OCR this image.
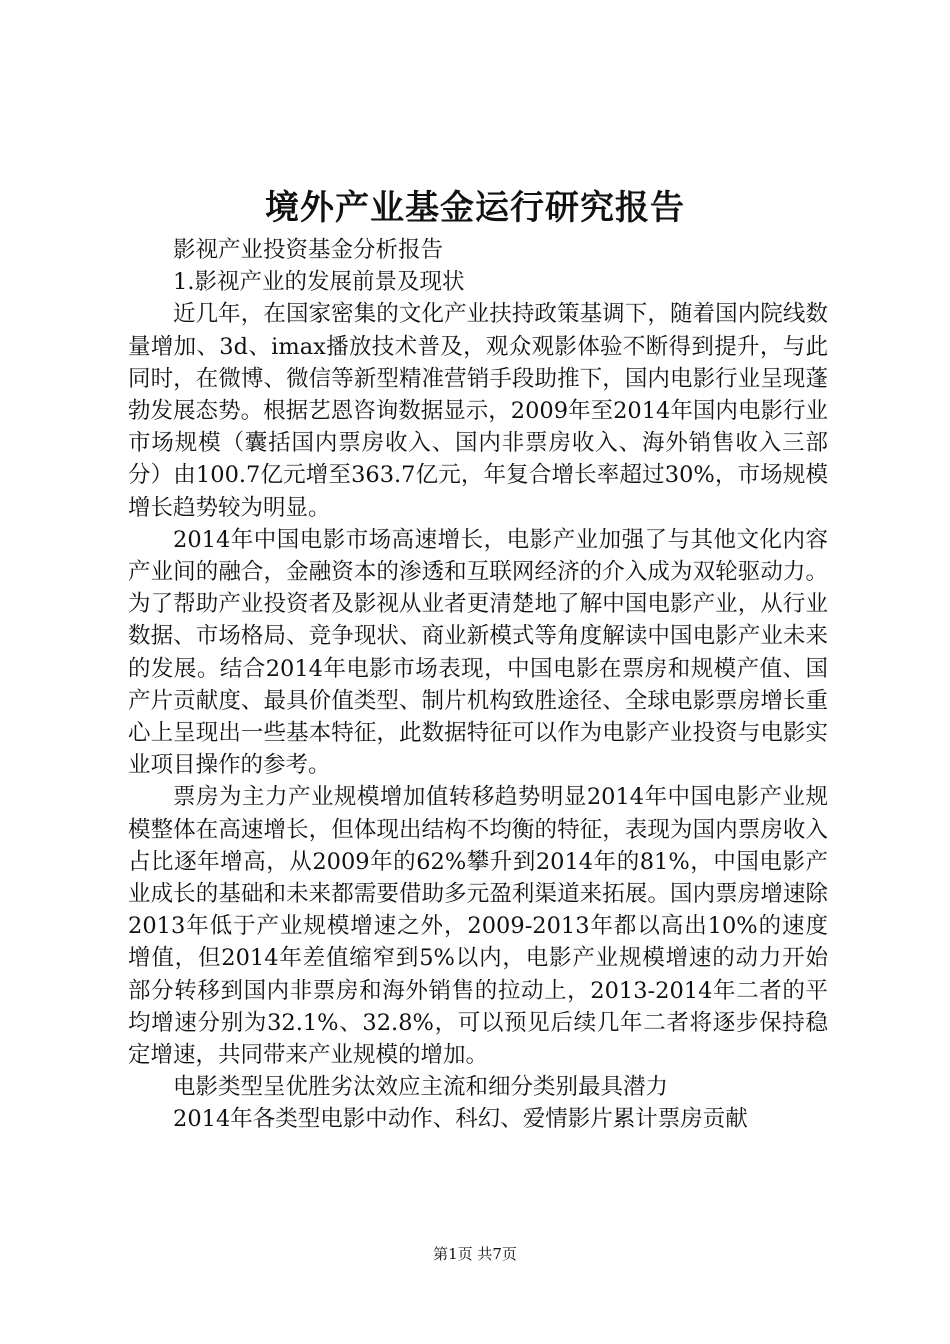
境外产业基金运行研究报告

影视产业投资基金分析报告

1.影视产业的发展前景及现状

近几年，在国家密集的文化产业扶持政策基调下，随着国内院线数量增加、3d、imax播放技术普及，观众观影体验不断得到提升，与此同时，在微博、微信等新型精准营销手段助推下，国内电影行业呈现蓬勃发展态势。根据艺恩咨询数据显示，2009年至2014年国内电影行业市场规模（囊括国内票房收入、国内非票房收入、海外销售收入三部分）由100.7亿元增至363.7亿元，年复合增长率超过30%，市场规模增长趋势较为明显。

2014年中国电影市场高速增长，电影产业加强了与其他文化内容产业间的融合，金融资本的渗透和互联网经济的介入成为双轮驱动力。为了帮助产业投资者及影视从业者更清楚地了解中国电影产业，从行业数据、市场格局、竞争现状、商业新模式等角度解读中国电影产业未来的发展。结合2014年电影市场表现，中国电影在票房和规模产值、国产片贡献度、最具价值类型、制片机构致胜途径、全球电影票房增长重心上呈现出一些基本特征，此数据特征可以作为电影产业投资与电影实业项目操作的参考。

票房为主力产业规模增加值转移趋势明显2014年中国电影产业规模整体在高速增长，但体现出结构不均衡的特征，表现为国内票房收入占比逐年增高，从2009年的62%攀升到2014年的81%，中国电影产业成长的基础和未来都需要借助多元盈利渠道来拓展。国内票房增速除2013年低于产业规模增速之外，2009-2013年都以高出10%的速度增值，但2014年差值缩窄到5%以内，电影产业规模增速的动力开始部分转移到国内非票房和海外销售的拉动上，2013-2014年二者的平均增速分别为32.1%、32.8%，可以预见后续几年二者将逐步保持稳定增速，共同带来产业规模的增加。

电影类型呈优胜劣汰效应主流和细分类别最具潜力

2014年各类型电影中动作、科幻、爱情影片累计票房贡献

第1页 共7页
